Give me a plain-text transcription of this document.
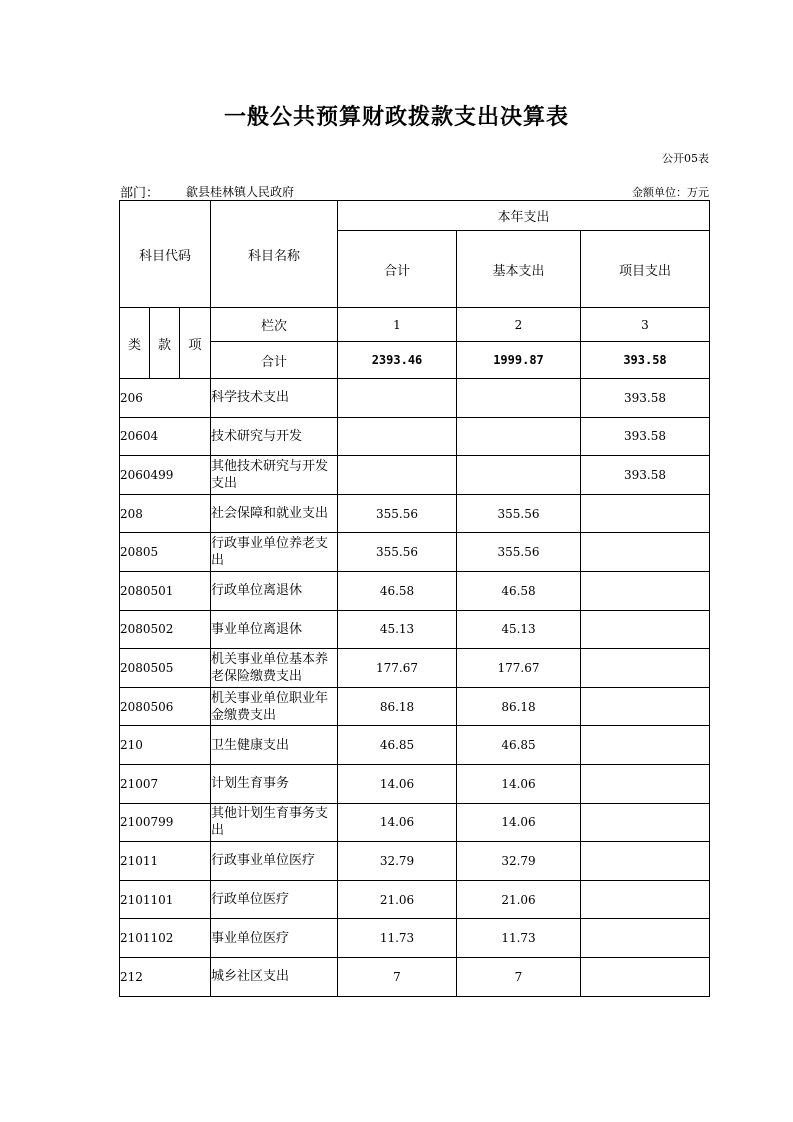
一般公共预算财政拨款支出决算表
公开05表
部门： 歙县桂林镇人民政府	金额单位：万元
科目代码			科目名称	本年支出		
				合计	基本支出	项目支出
类	款	项	栏次	1	2	3
			合计	2393.46	1999.87	393.58
206			科学技术支出			393.58
20604			技术研究与开发			393.58
2060499			其他技术研究与开发支出			393.58
208			社会保障和就业支出	355.56	355.56	
20805			行政事业单位养老支出	355.56	355.56	
2080501			行政单位离退休	46.58	46.58	
2080502			事业单位离退休	45.13	45.13	
2080505			机关事业单位基本养老保险缴费支出	177.67	177.67	
2080506			机关事业单位职业年金缴费支出	86.18	86.18	
210			卫生健康支出	46.85	46.85	
21007			计划生育事务	14.06	14.06	
2100799			其他计划生育事务支出	14.06	14.06	
21011			行政事业单位医疗	32.79	32.79	
2101101			行政单位医疗	21.06	21.06	
2101102			事业单位医疗	11.73	11.73	
212			城乡社区支出	7	7	
